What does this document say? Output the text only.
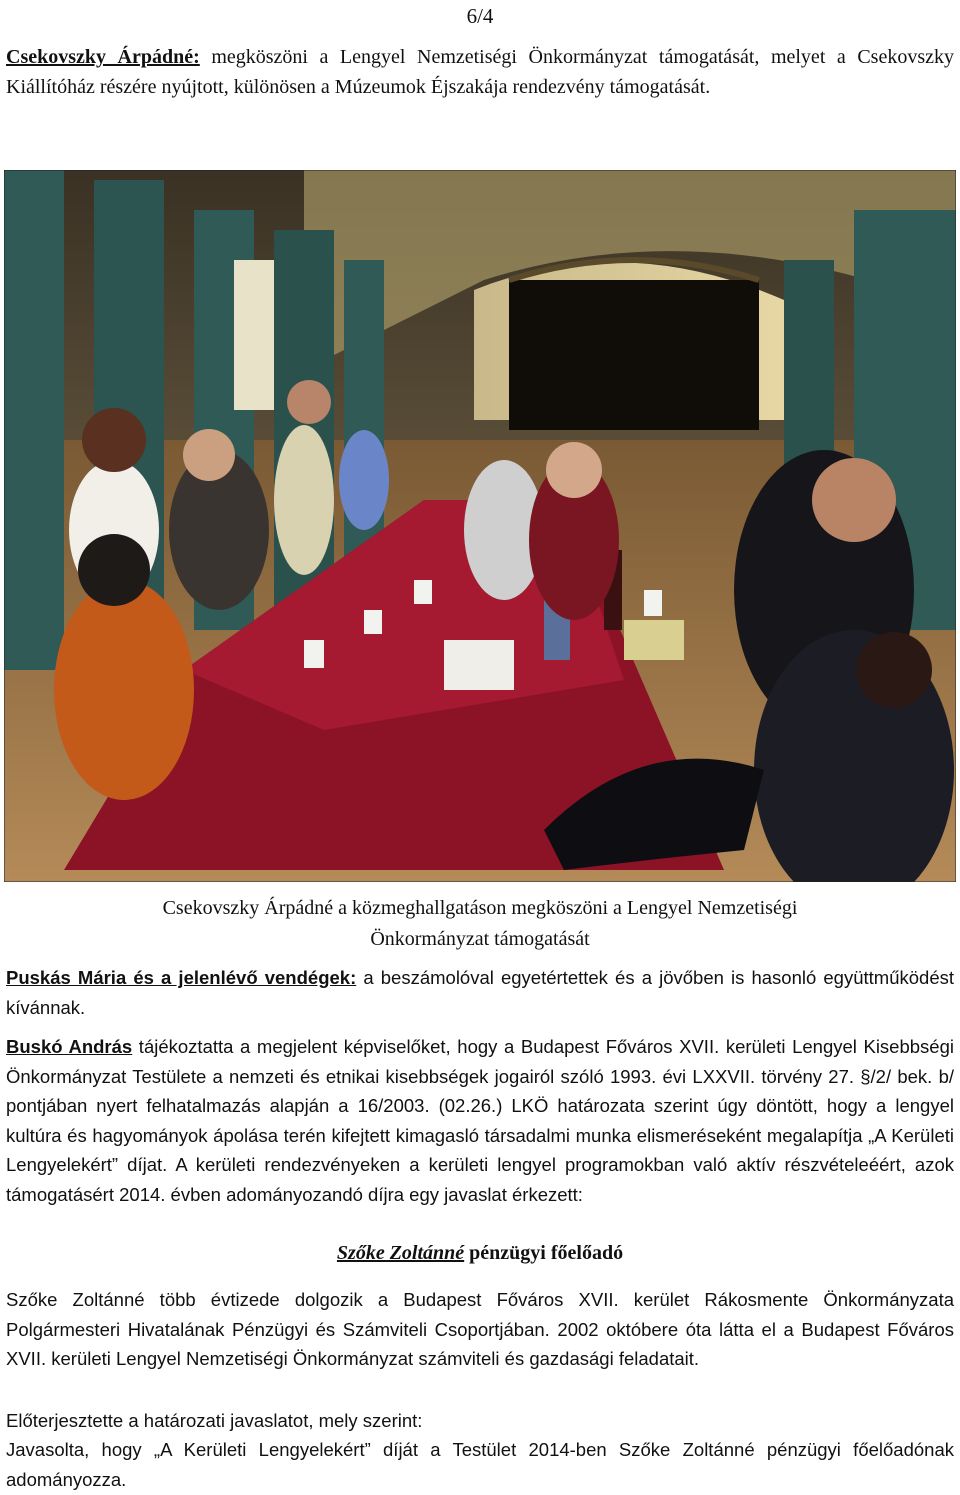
6/4
Csekovszky Árpádné: megköszöni a Lengyel Nemzetiségi Önkormányzat támogatását, melyet a Csekovszky Kiállítóház részére nyújtott, különösen a Múzeumok Éjszakája rendezvény támogatását.
Csekovszky Árpádné a közmeghallgatáson megköszöni a Lengyel Nemzetiségi
Önkormányzat támogatását
Puskás Mária és a jelenlévő vendégek: a beszámolóval egyetértettek és a jövőben is hasonló együttműködést kívánnak.
Buskó András tájékoztatta a megjelent képviselőket, hogy a Budapest Főváros XVII. kerületi Lengyel Kisebbségi Önkormányzat Testülete a nemzeti és etnikai kisebbségek jogairól szóló 1993. évi LXXVII. törvény 27. §/2/ bek. b/ pontjában nyert felhatalmazás alapján a 16/2003. (02.26.) LKÖ határozata szerint úgy döntött, hogy a lengyel kultúra és hagyományok ápolása terén kifejtett kimagasló társadalmi munka elismeréseként megalapítja „A Kerületi Lengyelekért” díjat. A kerületi rendezvényeken a kerületi lengyel programokban való aktív részvételeéért, azok támogatásért 2014. évben adományozandó díjra egy javaslat érkezett:
Szőke Zoltánné pénzügyi főelőadó
Szőke Zoltánné több évtizede dolgozik a Budapest Főváros XVII. kerület Rákosmente Önkormányzata Polgármesteri Hivatalának Pénzügyi és Számviteli Csoportjában. 2002 októbere óta látta el a Budapest Főváros XVII. kerületi Lengyel Nemzetiségi Önkormányzat számviteli és gazdasági feladatait.
Előterjesztette a határozati javaslatot, mely szerint:
Javasolta, hogy „A Kerületi Lengyelekért” díját a Testület 2014-ben Szőke Zoltánné pénzügyi főelőadónak adományozza.
